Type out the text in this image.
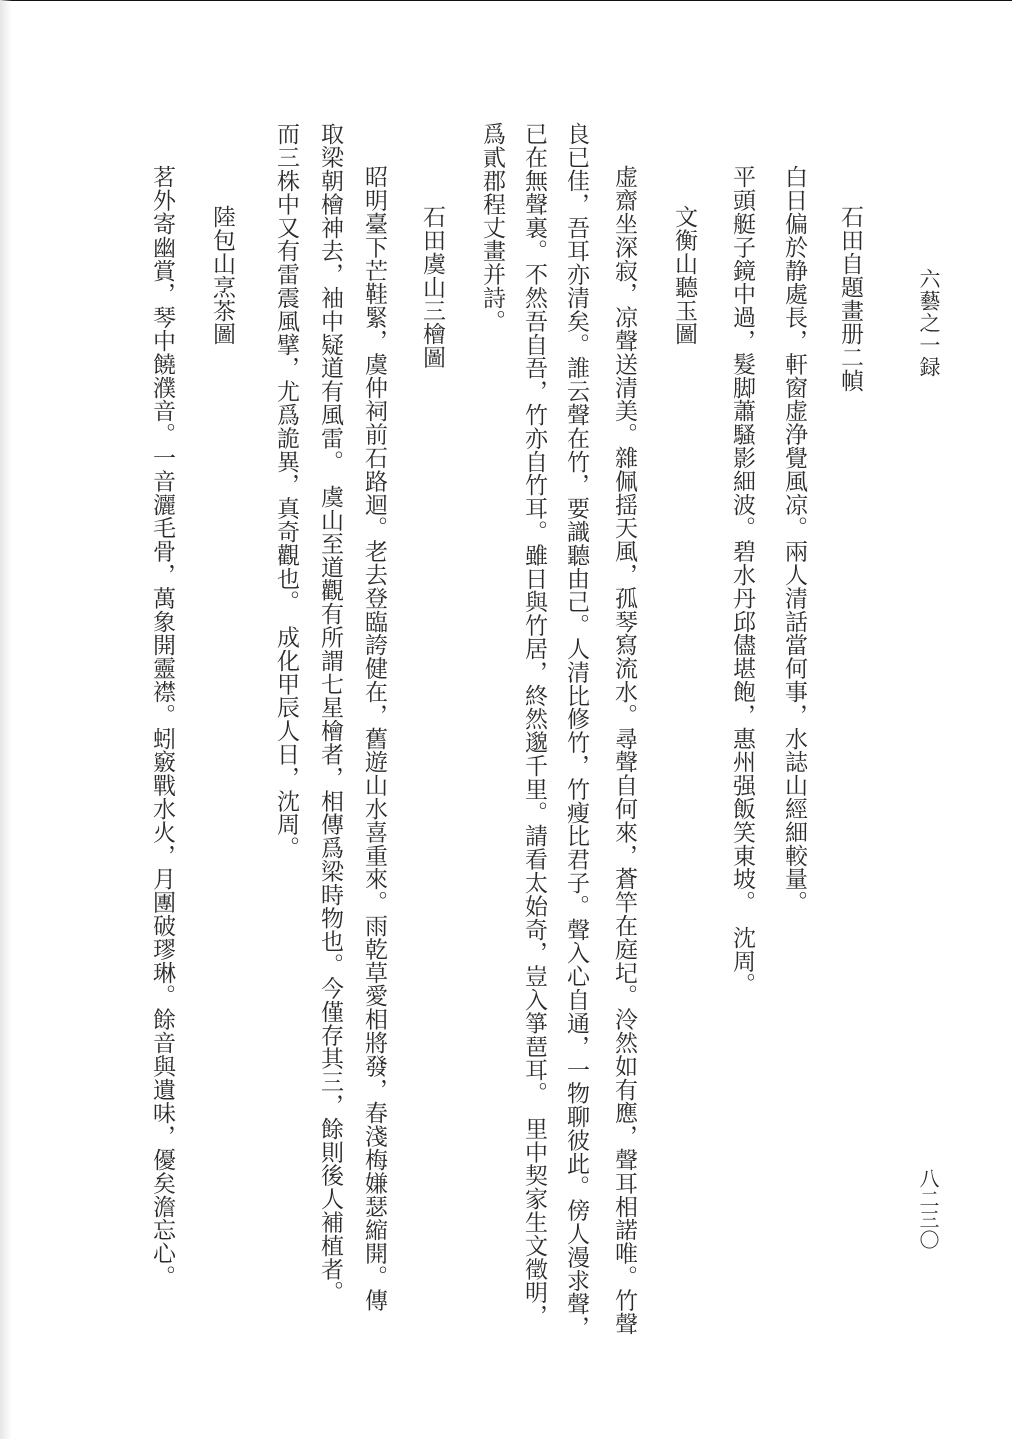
六藝之一録
八二三〇
石田自題畫册二幀
白日偏於静處長，軒窗虚浄覺風凉。兩人清話當何事，水誌山經細較量。
平頭艇子鏡中過，髮脚蕭騷影細波。碧水丹邱儘堪飽，惠州强飯笑東坡。　沈周。
文衡山聽玉圖
虚齋坐深寂，凉聲送清美。雜佩揺天風，孤琴寫流水。尋聲自何來，蒼竿在庭圮。泠然如有應，聲耳相諾唯。竹聲
良已佳，吾耳亦清矣。誰云聲在竹，要識聽由己。人清比修竹，竹瘦比君子。聲入心自通，一物聊彼此。傍人漫求聲，
已在無聲裏。不然吾自吾，竹亦自竹耳。雖日與竹居，終然邈千里。請看太始奇，豈入箏琶耳。　里中契家生文徵明，
爲貳郡程丈畫并詩。
石田虞山三檜圖
昭明臺下芒鞋緊，虞仲祠前石路迴。老去登臨誇健在，舊遊山水喜重來。雨乾草愛相將發，春淺梅嫌瑟縮開。傳
取梁朝檜神去，袖中疑道有風雷。　虞山至道觀有所謂七星檜者，相傳爲梁時物也。今僅存其三，餘則後人補植者。
而三株中又有雷震風擘，尤爲詭異，真奇觀也。　成化甲辰人日，沈周。
陸包山烹茶圖
茗外寄幽賞，琴中饒濮音。一音灑毛骨，萬象開靈襟。蚓竅戰水火，月團破璆琳。餘音與遺味，優矣澹忘心。
